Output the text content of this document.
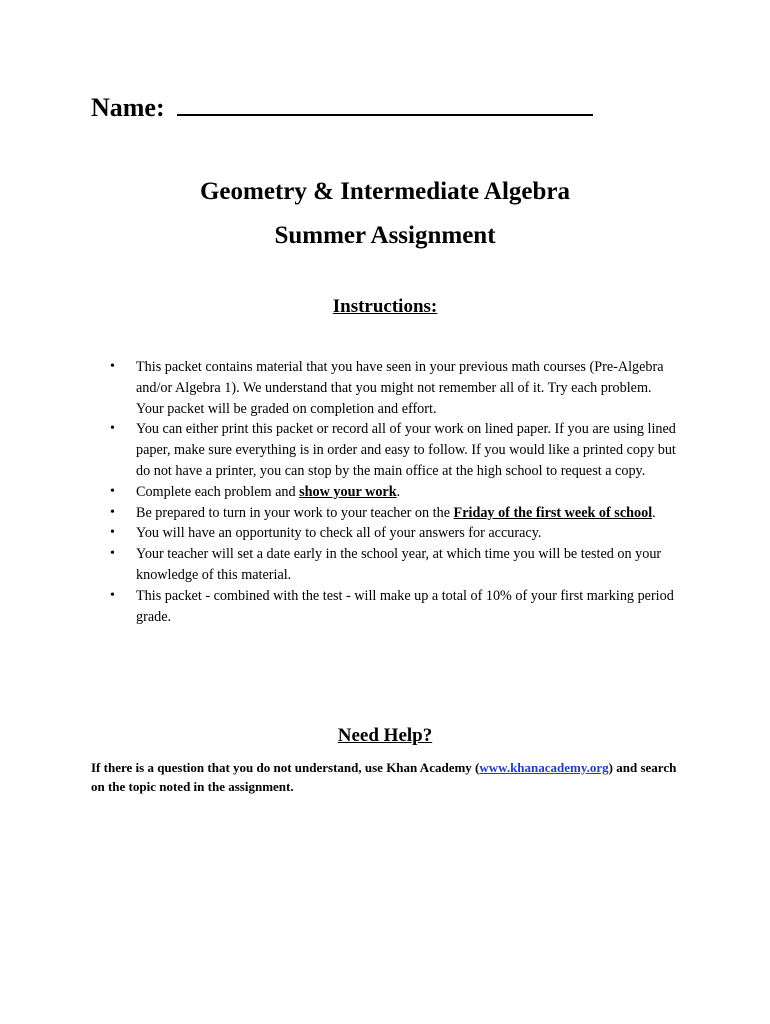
Name:
Geometry & Intermediate Algebra
Summer Assignment
Instructions:
• This packet contains material that you have seen in your previous math courses (Pre-Algebra and/or Algebra 1). We understand that you might not remember all of it. Try each problem. Your packet will be graded on completion and effort.
• You can either print this packet or record all of your work on lined paper. If you are using lined paper, make sure everything is in order and easy to follow. If you would like a printed copy but do not have a printer, you can stop by the main office at the high school to request a copy.
• Complete each problem and show your work.
• Be prepared to turn in your work to your teacher on the Friday of the first week of school.
• You will have an opportunity to check all of your answers for accuracy.
• Your teacher will set a date early in the school year, at which time you will be tested on your knowledge of this material.
• This packet - combined with the test - will make up a total of 10% of your first marking period grade.
Need Help?
If there is a question that you do not understand, use Khan Academy (www.khanacademy.org) and search on the topic noted in the assignment.
